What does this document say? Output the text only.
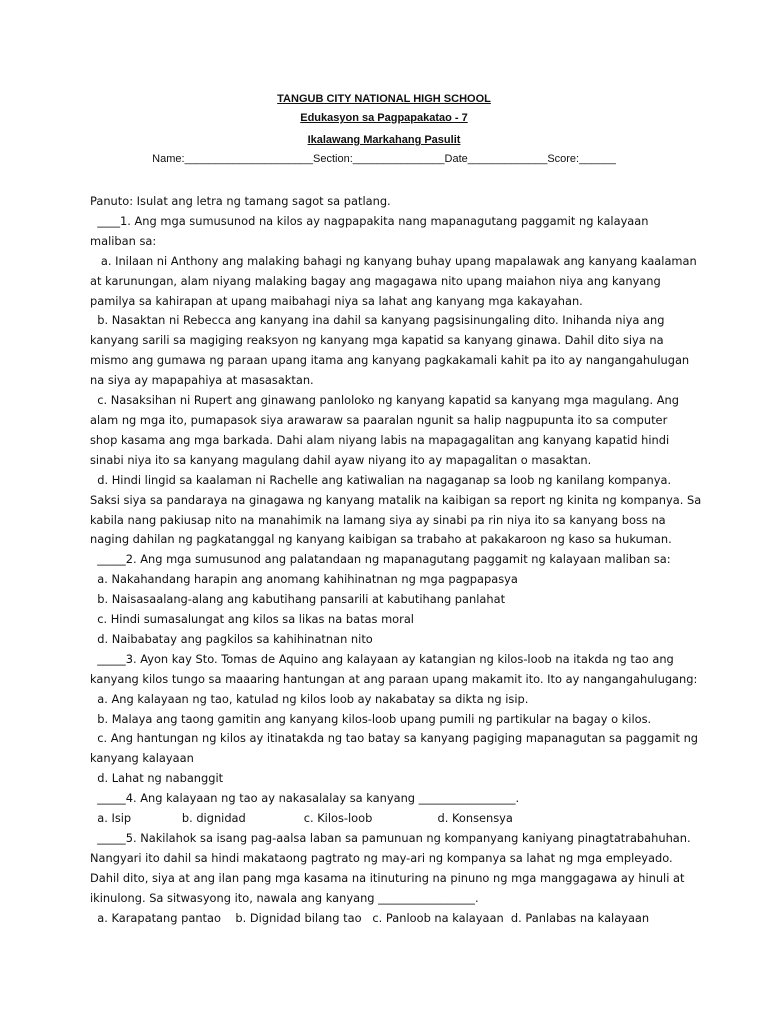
TANGUB CITY NATIONAL HIGH SCHOOL
Edukasyon sa Pagpapakatao - 7
Ikalawang Markahang Pasulit
Name:_____________________Section:_______________Date_____________Score:______
Panuto: Isulat ang letra ng tamang sagot sa patlang.
____1. Ang mga sumusunod na kilos ay nagpapakita nang mapanagutang paggamit ng kalayaan
maliban sa:
a. Inilaan ni Anthony ang malaking bahagi ng kanyang buhay upang mapalawak ang kanyang kaalaman
at karunungan, alam niyang malaking bagay ang magagawa nito upang maiahon niya ang kanyang
pamilya sa kahirapan at upang maibahagi niya sa lahat ang kanyang mga kakayahan.
b. Nasaktan ni Rebecca ang kanyang ina dahil sa kanyang pagsisinungaling dito. Inihanda niya ang
kanyang sarili sa magiging reaksyon ng kanyang mga kapatid sa kanyang ginawa. Dahil dito siya na
mismo ang gumawa ng paraan upang itama ang kanyang pagkakamali kahit pa ito ay nangangahulugan
na siya ay mapapahiya at masasaktan.
c. Nasaksihan ni Rupert ang ginawang panloloko ng kanyang kapatid sa kanyang mga magulang. Ang
alam ng mga ito, pumapasok siya arawaraw sa paaralan ngunit sa halip nagpupunta ito sa computer
shop kasama ang mga barkada. Dahi alam niyang labis na mapagagalitan ang kanyang kapatid hindi
sinabi niya ito sa kanyang magulang dahil ayaw niyang ito ay mapagalitan o masaktan.
d. Hindi lingid sa kaalaman ni Rachelle ang katiwalian na nagaganap sa loob ng kanilang kompanya.
Saksi siya sa pandaraya na ginagawa ng kanyang matalik na kaibigan sa report ng kinita ng kompanya. Sa
kabila nang pakiusap nito na manahimik na lamang siya ay sinabi pa rin niya ito sa kanyang boss na
naging dahilan ng pagkatanggal ng kanyang kaibigan sa trabaho at pakakaroon ng kaso sa hukuman.
_____2. Ang mga sumusunod ang palatandaan ng mapanagutang paggamit ng kalayaan maliban sa:
a. Nakahandang harapin ang anomang kahihinatnan ng mga pagpapasya
b. Naisasaalang-alang ang kabutihang pansarili at kabutihang panlahat
c. Hindi sumasalungat ang kilos sa likas na batas moral
d. Naibabatay ang pagkilos sa kahihinatnan nito
_____3. Ayon kay Sto. Tomas de Aquino ang kalayaan ay katangian ng kilos-loob na itakda ng tao ang
kanyang kilos tungo sa maaaring hantungan at ang paraan upang makamit ito. Ito ay nangangahulugang:
a. Ang kalayaan ng tao, katulad ng kilos loob ay nakabatay sa dikta ng isip.
b. Malaya ang taong gamitin ang kanyang kilos-loob upang pumili ng partikular na bagay o kilos.
c. Ang hantungan ng kilos ay itinatakda ng tao batay sa kanyang pagiging mapanagutan sa paggamit ng
kanyang kalayaan
d. Lahat ng nabanggit
_____4. Ang kalayaan ng tao ay nakasalalay sa kanyang _________________.
a. Isip              b. dignidad                c. Kilos-loob                  d. Konsensya
_____5. Nakilahok sa isang pag-aalsa laban sa pamunuan ng kompanyang kaniyang pinagtatrabahuhan.
Nangyari ito dahil sa hindi makataong pagtrato ng may-ari ng kompanya sa lahat ng mga empleyado.
Dahil dito, siya at ang ilan pang mga kasama na itinuturing na pinuno ng mga manggagawa ay hinuli at
ikinulong. Sa sitwasyong ito, nawala ang kanyang _________________.
a. Karapatang pantao    b. Dignidad bilang tao   c. Panloob na kalayaan  d. Panlabas na kalayaan
